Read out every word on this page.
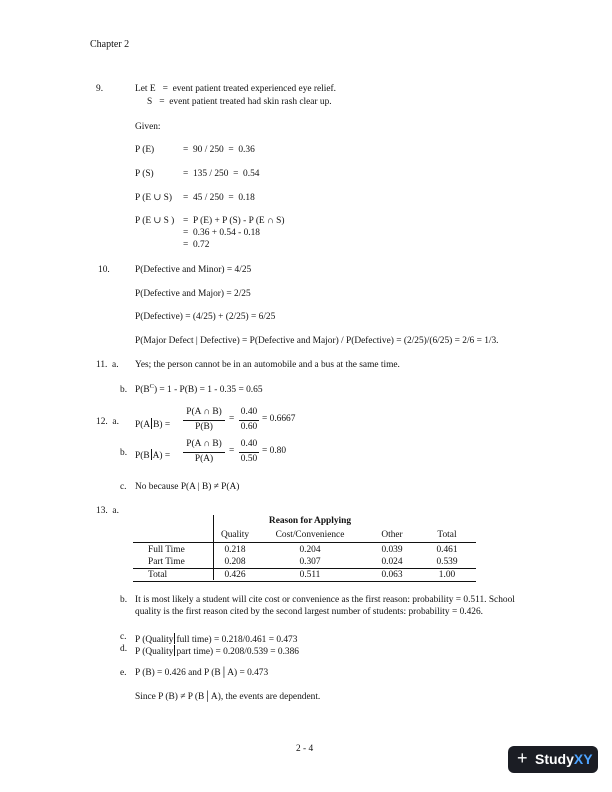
Chapter 2
9.	Let E   =  event patient treated experienced eye relief.
S   =  event patient treated had skin rash clear up.
Given:
P (E)	=  90 / 250  =  0.36
P (S)	=  135 / 250  =  0.54
P (E ∪ S) =  45 / 250  =  0.18
P (E ∪ S ) =  P (E) + P (S) - P (E ∩ S)
=  0.36 + 0.54 - 0.18
=  0.72
10.	P(Defective and Minor) = 4/25
P(Defective and Major) = 2/25
P(Defective) = (4/25) + (2/25) = 6/25
P(Major Defect | Defective) = P(Defective and Major) / P(Defective) = (2/25)/(6/25) = 2/6 = 1/3.
11.  a. Yes; the person cannot be in an automobile and a bus at the same time.
b. $P(B^C) = 1 - P(B) = 1 - 0.35 = 0.65$
12.  a. P(A B) =
P(A ∩ B)
P(B)
=
0.40
0.60
= 0.6667
b. P(B A) =
P(A ∩ B)
P(A)
=
0.40
0.50
= 0.80
c. No because P(A | B) ≠ P(A)
13.  a.
Reason for Applying
Quality	Cost/Convenience	Other	Total
Full Time	0.218	0.204	0.039	0.461
Part Time	0.208	0.307	0.024	0.539
Total	0.426	0.511	0.063	1.00
b. It is most likely a student will cite cost or convenience as the first reason: probability = 0.511. School
quality is the first reason cited by the second largest number of students: probability = 0.426.
c. P (Quality full time) = 0.218/0.461 = 0.473
d. P (Quality part time) = 0.208/0.539 = 0.386
e. P (B) = 0.426 and P (B│A) = 0.473
Since P (B) ≠ P (B│A), the events are dependent.
2 - 4	+ StudyXY
